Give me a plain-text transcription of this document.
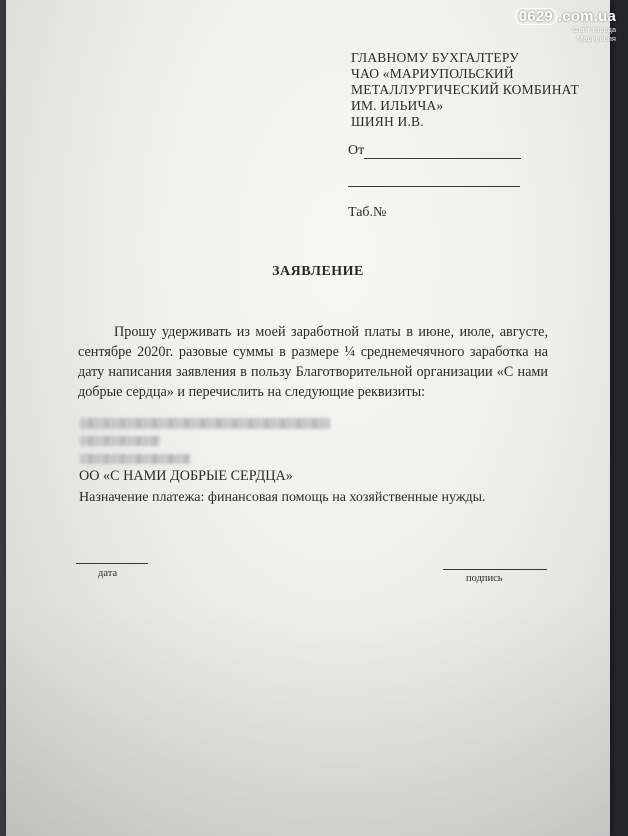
ГЛАВНОМУ БУХГАЛТЕРУ
ЧАО «МАРИУПОЛЬСКИЙ
МЕТАЛЛУРГИЧЕСКИЙ КОМБИНАТ
ИМ. ИЛЬИЧА»
ШИЯН И.В.
От
Таб.№
ЗАЯВЛЕНИЕ

Прошу удерживать из моей заработной платы в июне, июле, августе, сентябре 2020г. разовые суммы в размере ¼ среднемечячного заработка на дату написания заявления в пользу Благотворительной организации «С нами добрые сердца» и перечислить на следующие реквизиты:

ОО «С НАМИ ДОБРЫЕ СЕРДЦА»
Назначение платежа: финансовая помощь на хозяйственные нужды.
дата	подпись
0629 .com.ua
Сайт города
Мариуполя
